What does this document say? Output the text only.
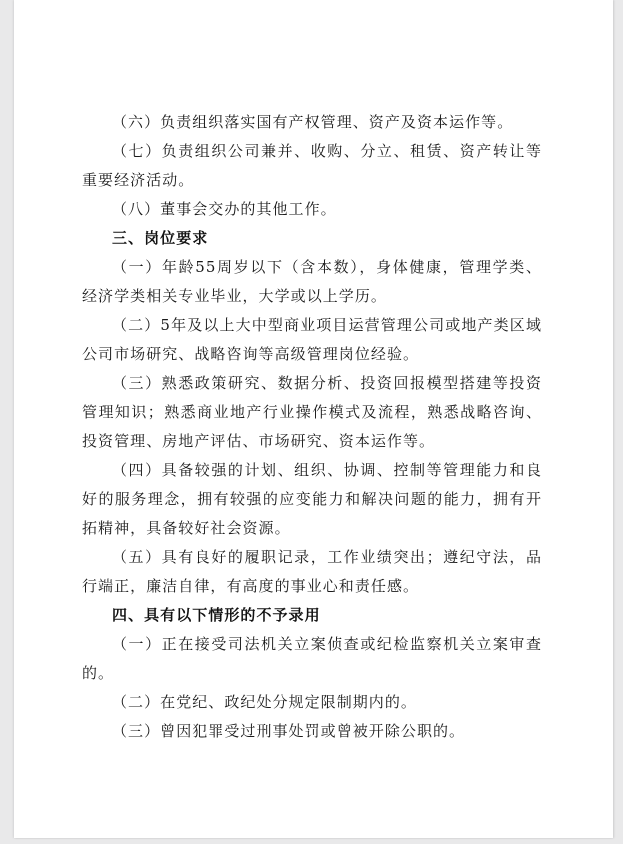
（六）负责组织落实国有产权管理、资产及资本运作等。

（七）负责组织公司兼并、收购、分立、租赁、资产转让等重要经济活动。

（八）董事会交办的其他工作。

三、岗位要求

（一）年龄55周岁以下（含本数），身体健康，管理学类、经济学类相关专业毕业，大学或以上学历。

（二）5年及以上大中型商业项目运营管理公司或地产类区域公司市场研究、战略咨询等高级管理岗位经验。

（三）熟悉政策研究、数据分析、投资回报模型搭建等投资管理知识；熟悉商业地产行业操作模式及流程，熟悉战略咨询、投资管理、房地产评估、市场研究、资本运作等。

（四）具备较强的计划、组织、协调、控制等管理能力和良好的服务理念，拥有较强的应变能力和解决问题的能力，拥有开拓精神，具备较好社会资源。

（五）具有良好的履职记录，工作业绩突出；遵纪守法，品行端正，廉洁自律，有高度的事业心和责任感。

四、具有以下情形的不予录用

（一）正在接受司法机关立案侦查或纪检监察机关立案审查的。

（二）在党纪、政纪处分规定限制期内的。

（三）曾因犯罪受过刑事处罚或曾被开除公职的。
